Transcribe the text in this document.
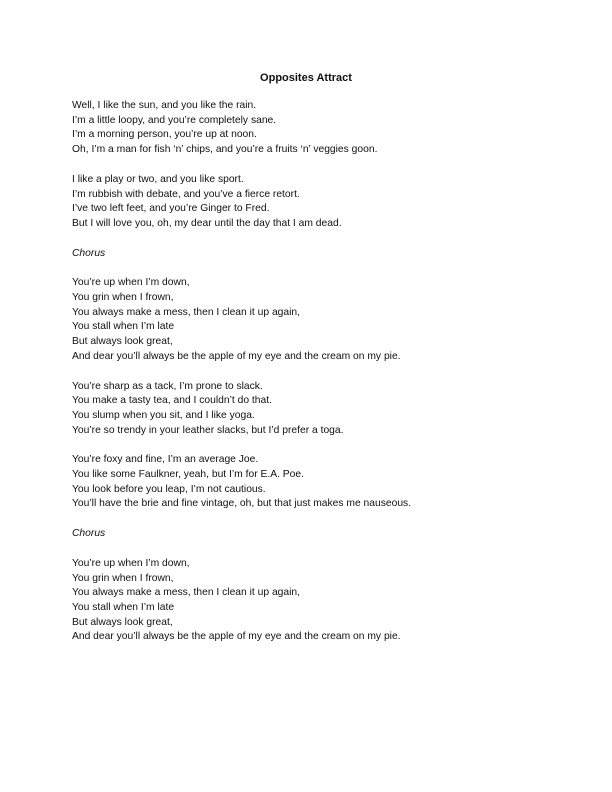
Opposites Attract
Well, I like the sun, and you like the rain.
I’m a little loopy, and you’re completely sane.
I’m a morning person, you’re up at noon.
Oh, I’m a man for fish ‘n’ chips, and you’re a fruits ‘n’ veggies goon.
I like a play or two, and you like sport.
I’m rubbish with debate, and you’ve a fierce retort.
I’ve two left feet, and you’re Ginger to Fred.
But I will love you, oh, my dear until the day that I am dead.
Chorus
You’re up when I’m down,
You grin when I frown,
You always make a mess, then I clean it up again,
You stall when I’m late
But always look great,
And dear you’ll always be the apple of my eye and the cream on my pie.
You’re sharp as a tack, I’m prone to slack.
You make a tasty tea, and I couldn’t do that.
You slump when you sit, and I like yoga.
You’re so trendy in your leather slacks, but I’d prefer a toga.
You’re foxy and fine, I’m an average Joe.
You like some Faulkner, yeah, but I’m for E.A. Poe.
You look before you leap, I’m not cautious.
You’ll have the brie and fine vintage, oh, but that just makes me nauseous.
Chorus
You’re up when I’m down,
You grin when I frown,
You always make a mess, then I clean it up again,
You stall when I’m late
But always look great,
And dear you’ll always be the apple of my eye and the cream on my pie.
